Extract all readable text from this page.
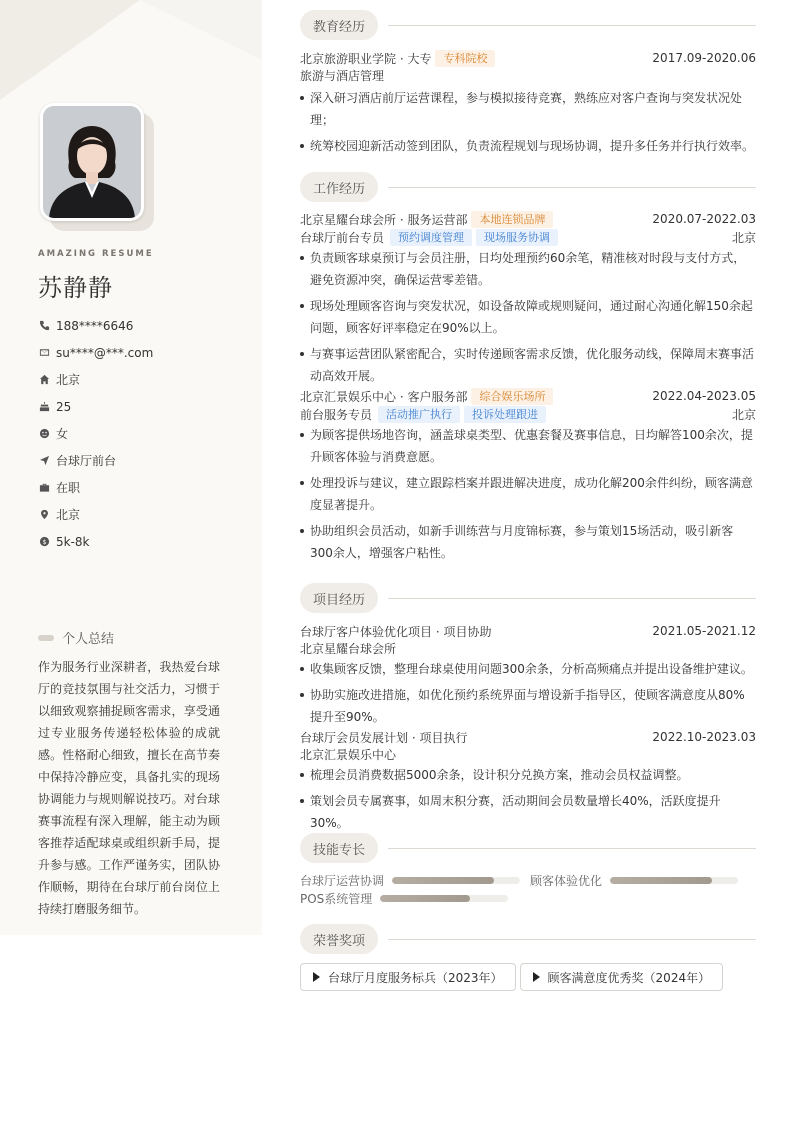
AMAZING RESUME
苏静静
188****6646
su****@***.com
北京
25
女
台球厅前台
在职
北京
$ 5k-8k
个人总结
作为服务行业深耕者，我热爱台球厅的竞技氛围与社交活力，习惯于以细致观察捕捉顾客需求，享受通过专业服务传递轻松体验的成就感。性格耐心细致，擅长在高节奏中保持冷静应变，具备扎实的现场协调能力与规则解说技巧。对台球赛事流程有深入理解，能主动为顾客推荐适配球桌或组织新手局，提升参与感。工作严谨务实，团队协作顺畅，期待在台球厅前台岗位上持续打磨服务细节。
教育经历
北京旅游职业学院 · 大专	专科院校	2017.09-2020.06
旅游与酒店管理
深入研习酒店前厅运营课程，参与模拟接待竞赛，熟练应对客户查询与突发状况处理；
统筹校园迎新活动签到团队，负责流程规划与现场协调，提升多任务并行执行效率。
工作经历
北京星耀台球会所 · 服务运营部	本地连锁品牌	2020.07-2022.03
台球厅前台专员	预约调度管理	现场服务协调	北京
负责顾客球桌预订与会员注册，日均处理预约60余笔，精准核对时段与支付方式，避免资源冲突，确保运营零差错。
现场处理顾客咨询与突发状况，如设备故障或规则疑问，通过耐心沟通化解150余起问题，顾客好评率稳定在90%以上。
与赛事运营团队紧密配合，实时传递顾客需求反馈，优化服务动线，保障周末赛事活动高效开展。
北京汇景娱乐中心 · 客户服务部	综合娱乐场所	2022.04-2023.05
前台服务专员	活动推广执行	投诉处理跟进	北京
为顾客提供场地咨询，涵盖球桌类型、优惠套餐及赛事信息，日均解答100余次，提升顾客体验与消费意愿。
处理投诉与建议，建立跟踪档案并跟进解决进度，成功化解200余件纠纷，顾客满意度显著提升。
协助组织会员活动，如新手训练营与月度锦标赛，参与策划15场活动，吸引新客300余人，增强客户粘性。
项目经历
台球厅客户体验优化项目 · 项目协助	2021.05-2021.12
北京星耀台球会所
收集顾客反馈，整理台球桌使用问题300余条，分析高频痛点并提出设备维护建议。
协助实施改进措施，如优化预约系统界面与增设新手指导区，使顾客满意度从80%提升至90%。
台球厅会员发展计划 · 项目执行	2022.10-2023.03
北京汇景娱乐中心
梳理会员消费数据5000余条，设计积分兑换方案，推动会员权益调整。
策划会员专属赛事，如周末积分赛，活动期间会员数量增长40%，活跃度提升30%。
技能专长
台球厅运营协调	顾客体验优化
POS系统管理
荣誉奖项
台球厅月度服务标兵（2023年）	顾客满意度优秀奖（2024年）
